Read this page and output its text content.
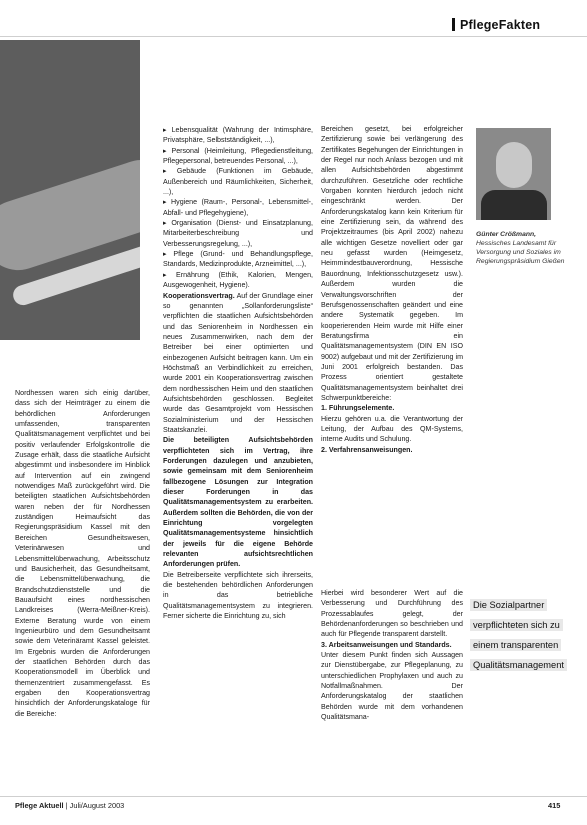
PflegeFakten

Nordhessen waren sich einig darüber, dass sich der Heimträger zu einem die behördlichen Anforderungen umfassenden, transparenten Qualitätsmanagement verpflichtet und bei positiv verlaufender Erfolgskontrolle die Zusage erhält, dass die staatliche Aufsicht abgestimmt und insbesondere im Hinblick auf Intervention auf ein zwingend notwendiges Maß zurückgeführt wird. Die beteiligten staatlichen Aufsichtsbehörden waren neben der für Nordhessen zuständigen Heimaufsicht das Regierungspräsidium Kassel mit den Bereichen Gesundheitswesen, Veterinärwesen und Lebensmittelüberwachung, Arbeitsschutz und Bausicherheit, das Gesundheitsamt, die Lebensmittelüberwachung, die Brandschutzdienststelle und die Bauaufsicht eines nordhessischen Landkreises (Werra-Meißner-Kreis). Externe Beratung wurde von einem Ingenieurbüro und dem Gesundheitsamt sowie dem Veterinäramt Kassel geleistet. Im Ergebnis wurden die Anforderungen der staatlichen Behörden durch das Kooperationsmodell im Überblick und themenzentriert zusammengefasst. Es ergaben den Kooperationsvertrag hinsichtlich der Anforderungskataloge für die Bereiche:

▸ Lebensqualität (Wahrung der Intimsphäre, Privatsphäre, Selbstständigkeit, ...),

▸ Personal (Heimleitung, Pflegedienstleitung, Pflegepersonal, betreuendes Personal, ...),

▸ Gebäude (Funktionen im Gebäude, Außenbereich und Räumlichkeiten, Sicherheit, ...),

▸ Hygiene (Raum-, Personal-, Lebensmittel-, Abfall- und Pflegehygiene),

▸ Organisation (Dienst- und Einsatzplanung, Mitarbeiterbeschreibung und Verbesserungsregelung, ...),

▸ Pflege (Grund- und Behandlungspflege, Standards, Medizinprodukte, Arzneimittel, ...),

▸ Ernährung (Ethik, Kalorien, Mengen, Ausgewogenheit, Hygiene).

Kooperationsvertrag. Auf der Grundlage einer so genannten „Sollanforderungsliste“ verpflichten die staatlichen Aufsichtsbehörden und das Seniorenheim in Nordhessen ein neues Zusammenwirken, nach dem der Betreiber bei einer optimierten und einbezogenen Aufsicht beitragen kann. Um ein Höchstmaß an Verbindlichkeit zu erreichen, wurde 2001 ein Kooperationsvertrag zwischen dem nordhessischen Heim und den staatlichen Aufsichtsbehörden geschlossen. Begleitet wurde das Gesamtprojekt vom Hessischen Sozialministerium und der Hessischen Staatskanzlei.

Die beteiligten Aufsichtsbehörden verpflichteten sich im Vertrag, ihre Forderungen dazulegen und anzubieten, sowie gemeinsam mit dem Seniorenheim fallbezogene Lösungen zur Integration dieser Forderungen in das Qualitätsmanagementsystem zu erarbeiten. Außerdem sollten die Behörden, die von der Einrichtung vorgelegten Qualitätsmanagementsysteme hinsichtlich der jeweils für die eigene Behörde relevanten aufsichtsrechtlichen Anforderungen prüfen.

Die Betreiberseite verpflichtete sich ihrerseits, die bestehenden behördlichen Anforderungen in das betriebliche Qualitätsmanagementsystem zu integrieren. Ferner sicherte die Einrichtung zu, sich

Bereichen gesetzt, bei erfolgreicher Zertifizierung sowie bei verlängerung des Zertifikates Begehungen der Einrichtungen in der Regel nur noch Anlass bezogen und mit allen Aufsichtsbehörden abgestimmt durchzuführen. Gesetzliche oder rechtliche Vorgaben konnten hierdurch jedoch nicht eingeschränkt werden. Der Anforderungskatalog kann kein Kriterium für eine Zertifizierung sein, da während des Projektzeitraumes (bis April 2002) nahezu alle wichtigen Gesetze novelliert oder gar neu gefasst wurden (Heimgesetz, Heimmindestbauverordnung, Hessische Bauordnung, Infektionsschutzgesetz usw.). Außerdem wurden die Verwaltungsvorschriften der Berufsgenossenschaften geändert und eine andere Systematik gegeben. Im kooperierenden Heim wurde mit Hilfe einer Beratungsfirma ein Qualitätsmanagementsystem (DIN EN ISO 9002) aufgebaut und mit der Zertifizierung im Juni 2001 erfolgreich bestanden. Das Prozess orientiert gestaltete Qualitätsmanagementsystem beinhaltet drei Schwerpunktbereiche:

1. Führungselemente.

Hierzu gehören u.a. die Verantwortung der Leitung, der Aufbau des QM-Systems, interne Audits und Schulung.

2. Verfahrensanweisungen.

Hierbei wird besonderer Wert auf die Verbesserung und Durchführung des Prozessablaufes gelegt, der Behördenanforderungen so beschrieben und auch für Pflegende transparent darstellt.

3. Arbeitsanweisungen und Standards.

Unter diesem Punkt finden sich Aussagen zur Dienstübergabe, zur Pflegeplanung, zu unterschiedlichen Prophylaxen und auch zu Notfallmaßnahmen. Der Anforderungskatalog der staatlichen Behörden wurde mit dem vorhandenen Qualitätsmana-

Günter Crößmann, Hessisches Landesamt für Versorgung und Soziales im Regierungspräsidium Gießen
Die Sozialpartner
verpflichteten sich zu
einem transparenten
Qualitätsmanagement
Pflege Aktuell | Juli/August 2003	415
